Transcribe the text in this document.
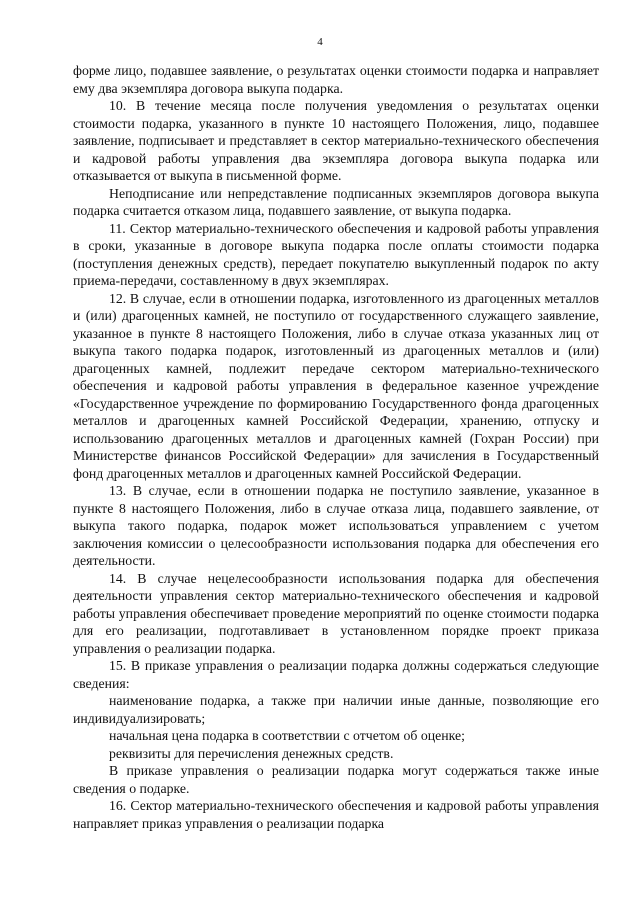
4

форме лицо, подавшее заявление, о результатах оценки стоимости подарка и направляет ему два экземпляра договора выкупа подарка.

10. В течение месяца после получения уведомления о результатах оценки стоимости подарка, указанного в пункте 10 настоящего Положения, лицо, подавшее заявление, подписывает и представляет в сектор материально-технического обеспечения и кадровой работы управления два экземпляра договора выкупа подарка или отказывается от выкупа в письменной форме.

Неподписание или непредставление подписанных экземпляров договора выкупа подарка считается отказом лица, подавшего заявление, от выкупа подарка.

11. Сектор материально-технического обеспечения и кадровой работы управления в сроки, указанные в договоре выкупа подарка после оплаты стоимости подарка (поступления денежных средств), передает покупателю выкупленный подарок по акту приема-передачи, составленному в двух экземплярах.

12. В случае, если в отношении подарка, изготовленного из драгоценных металлов и (или) драгоценных камней, не поступило от государственного служащего заявление, указанное в пункте 8 настоящего Положения, либо в случае отказа указанных лиц от выкупа такого подарка подарок, изготовленный из драгоценных металлов и (или) драгоценных камней, подлежит передаче сектором материально-технического обеспечения и кадровой работы управления в федеральное казенное учреждение «Государственное учреждение по формированию Государственного фонда драгоценных металлов и драгоценных камней Российской Федерации, хранению, отпуску и использованию драгоценных металлов и драгоценных камней (Гохран России) при Министерстве финансов Российской Федерации» для зачисления в Государственный фонд драгоценных металлов и драгоценных камней Российской Федерации.

13. В случае, если в отношении подарка не поступило заявление, указанное в пункте 8 настоящего Положения, либо в случае отказа лица, подавшего заявление, от выкупа такого подарка, подарок может использоваться управлением с учетом заключения комиссии о целесообразности использования подарка для обеспечения его деятельности.

14. В случае нецелесообразности использования подарка для обеспечения деятельности управления сектор материально-технического обеспечения и кадровой работы управления обеспечивает проведение мероприятий по оценке стоимости подарка для его реализации, подготавливает в установленном порядке проект приказа управления о реализации подарка.

15. В приказе управления о реализации подарка должны содержаться следующие сведения:

наименование подарка, а также при наличии иные данные, позволяющие его индивидуализировать;

начальная цена подарка в соответствии с отчетом об оценке;

реквизиты для перечисления денежных средств.

В приказе управления о реализации подарка могут содержаться также иные сведения о подарке.

16. Сектор материально-технического обеспечения и кадровой работы управления направляет приказ управления о реализации подарка
